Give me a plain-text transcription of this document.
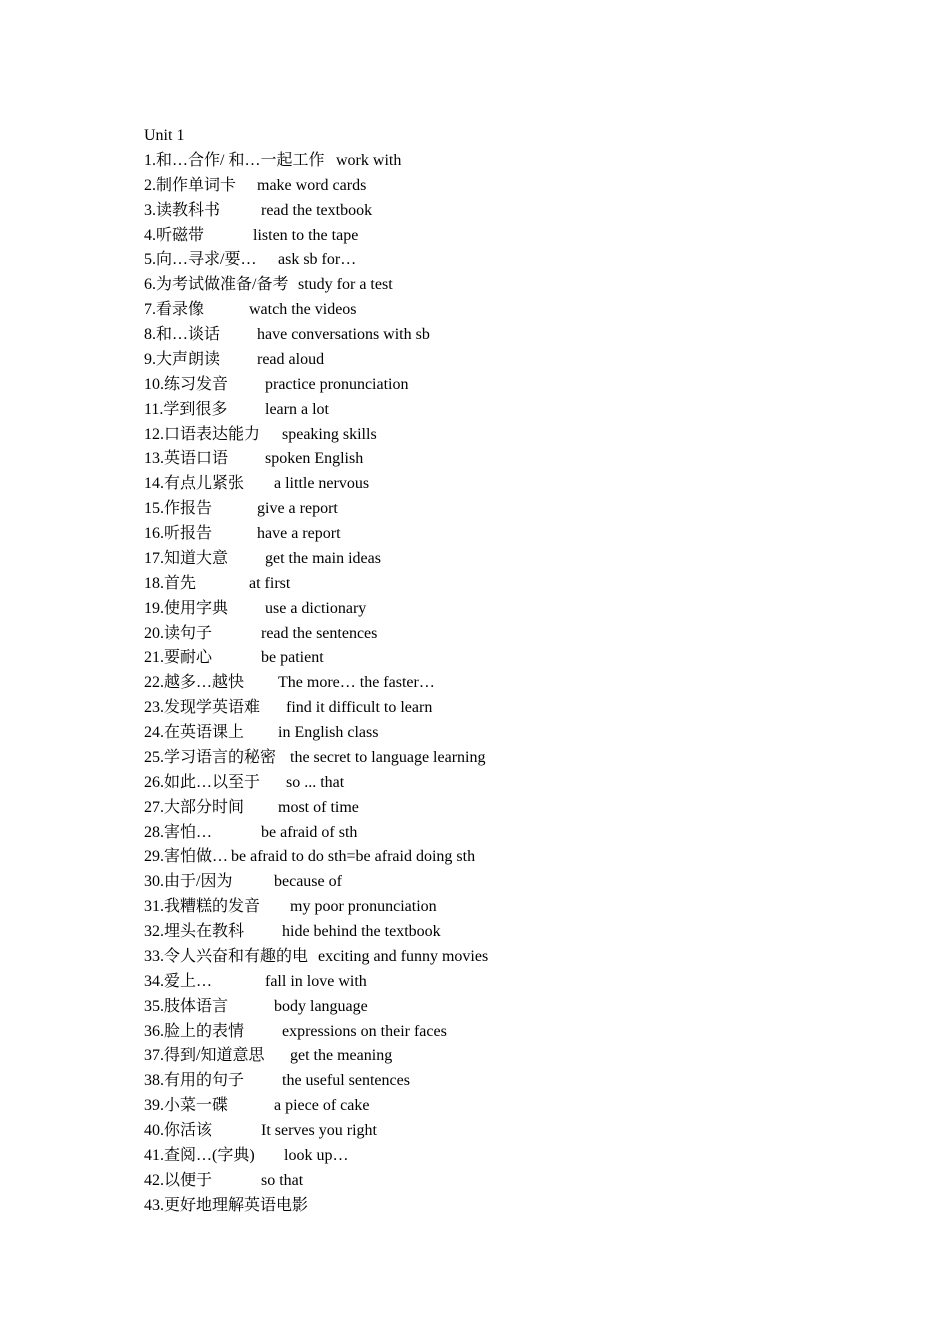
Unit 1
1.和…合作/ 和…一起工作 work with
2.制作单词卡 make word cards
3.读教科书	read the textbook
4.听磁带	listen to the tape
5.向…寻求/要… ask sb for…
6.为考试做准备/备考 study for a test
7.看录像	watch the videos
8.和…谈话 have conversations with sb
9.大声朗读 read aloud
10.练习发音 practice pronunciation
11.学到很多 learn a lot
12.口语表达能力 speaking skills
13.英语口语 spoken English
14.有点儿紧张 a little nervous
15.作报告	give a report
16.听报告	have a report
17.知道大意 get the main ideas
18.首先	at first
19.使用字典 use a dictionary
20.读句子	read the sentences
21.要耐心	be patient
22.越多…越快 The more… the faster…
23.发现学英语难 find it difficult to learn
24.在英语课上 in English class
25.学习语言的秘密 the secret to language learning
26.如此…以至于 so ... that
27.大部分时间 most of time
28.害怕…	be afraid of sth
29.害怕做… be afraid to do sth=be afraid doing sth
30.由于/因为	because of
31.我糟糕的发音 my poor pronunciation
32.埋头在教科 hide behind the textbook
33.令人兴奋和有趣的电 exciting and funny movies
34.爱上…	fall in love with
35.肢体语言	body language
36.脸上的表情 expressions on their faces
37.得到/知道意思 get the meaning
38.有用的句子 the useful sentences
39.小菜一碟	a piece of cake
40.你活该	It serves you right
41.查阅…(字典) look up…
42.以便于	so that
43.更好地理解英语电影
